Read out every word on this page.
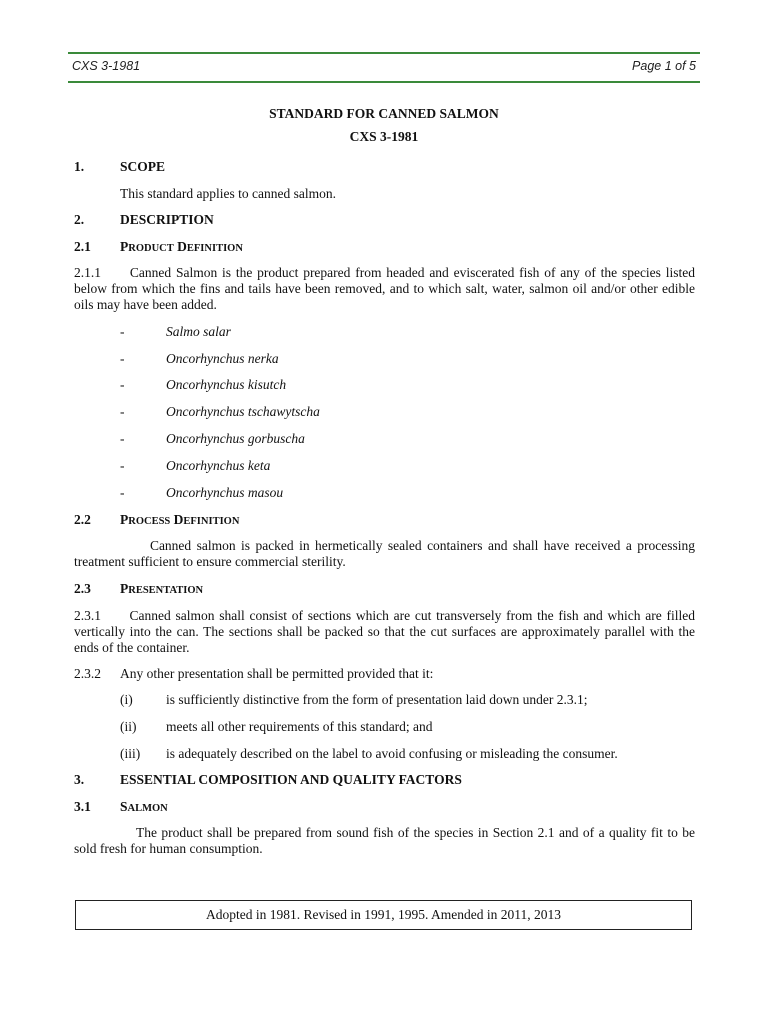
CXS 3-1981	Page 1 of 5
STANDARD FOR CANNED SALMON
CXS 3-1981
1.	SCOPE
This standard applies to canned salmon.
2.	DESCRIPTION
2.1 PRODUCT DEFINITION
2.1.1 Canned Salmon is the product prepared from headed and eviscerated fish of any of the species listed
below from which the fins and tails have been removed, and to which salt, water, salmon oil and/or other edible
oils may have been added.
-	Salmo salar
-	Oncorhynchus nerka
-	Oncorhynchus kisutch
-	Oncorhynchus tschawytscha
-	Oncorhynchus gorbuscha
-	Oncorhynchus keta
-	Oncorhynchus masou
2.2 PROCESS DEFINITION
Canned salmon is packed in hermetically sealed containers and shall have received a processing
treatment sufficient to ensure commercial sterility.
2.3 PRESENTATION
2.3.1 Canned salmon shall consist of sections which are cut transversely from the fish and which are filled
vertically into the can. The sections shall be packed so that the cut surfaces are approximately parallel with the
ends of the container.
2.3.2 Any other presentation shall be permitted provided that it:
(i) is sufficiently distinctive from the form of presentation laid down under 2.3.1;
(ii) meets all other requirements of this standard; and
(iii) is adequately described on the label to avoid confusing or misleading the consumer.
3.	ESSENTIAL COMPOSITION AND QUALITY FACTORS
3.1 SALMON
The product shall be prepared from sound fish of the species in Section 2.1 and of a quality fit to be
sold fresh for human consumption.
Adopted in 1981. Revised in 1991, 1995. Amended in 2011, 2013
